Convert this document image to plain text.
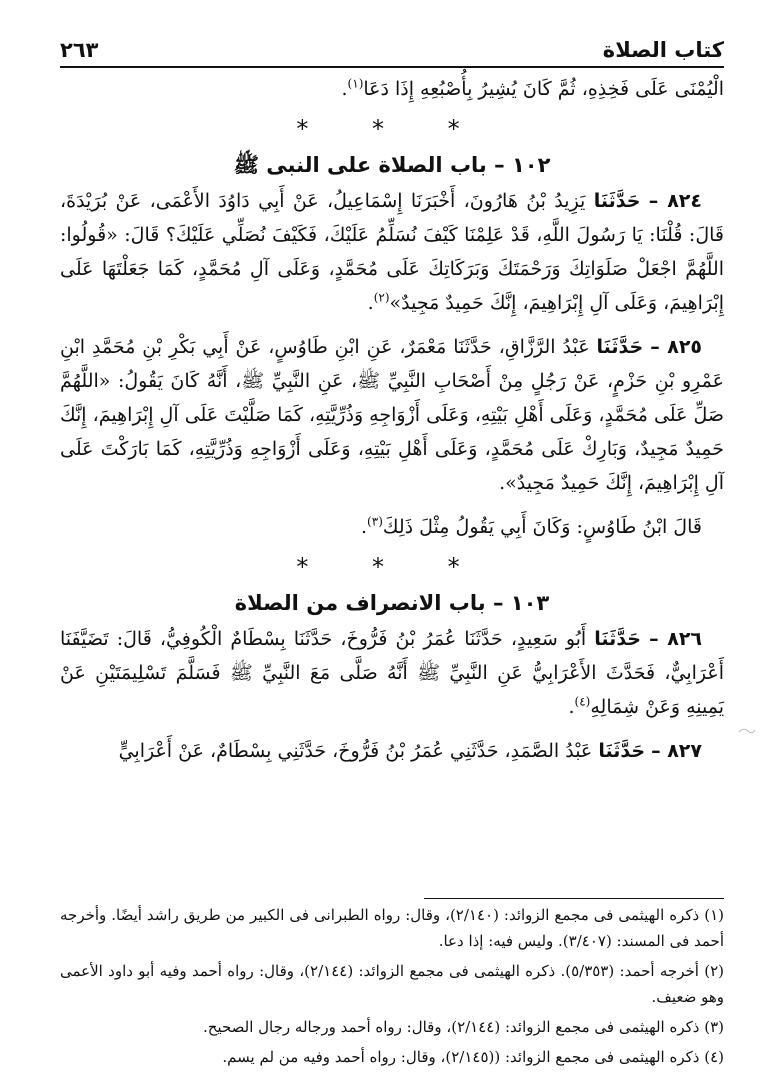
كتاب الصلاة
٢٦٣

الْيُمْنَى عَلَى فَخِذِهِ، ثُمَّ كَانَ يُشِيرُ بِأُصْبُعِهِ إِذَا دَعَا$^{(١)}$.

* * *
١٠٢ – باب الصلاة على النبى ﷺ

٨٢٤ – حَدَّثَنَا يَزِيدُ بْنُ هَارُونَ، أَخْبَرَنَا إِسْمَاعِيلُ، عَنْ أَبِي دَاوُدَ الأَعْمَى، عَنْ بُرَيْدَةَ، قَالَ: قُلْنَا: يَا رَسُولَ اللَّهِ، قَدْ عَلِمْنَا كَيْفَ نُسَلِّمُ عَلَيْكَ، فَكَيْفَ نُصَلِّي عَلَيْكَ؟ قَالَ: «قُولُوا: اللَّهُمَّ اجْعَلْ صَلَوَاتِكَ وَرَحْمَتَكَ وَبَرَكَاتِكَ عَلَى مُحَمَّدٍ، وَعَلَى آلِ مُحَمَّدٍ، كَمَا جَعَلْتَهَا عَلَى إِبْرَاهِيمَ، وَعَلَى آلِ إِبْرَاهِيمَ، إِنَّكَ حَمِيدٌ مَجِيدٌ»$^{(٢)}$.

٨٢٥ – حَدَّثَنَا عَبْدُ الرَّزَّاقِ، حَدَّثَنَا مَعْمَرٌ، عَنِ ابْنِ طَاوُسٍ، عَنْ أَبِي بَكْرِ بْنِ مُحَمَّدِ ابْنِ عَمْرِو بْنِ حَزْمٍ، عَنْ رَجُلٍ مِنْ أَصْحَابِ النَّبِيِّ ﷺ، عَنِ النَّبِيِّ ﷺ، أَنَّهُ كَانَ يَقُولُ: «اللَّهُمَّ صَلِّ عَلَى مُحَمَّدٍ، وَعَلَى أَهْلِ بَيْتِهِ، وَعَلَى أَزْوَاجِهِ وَذُرِّيَّتِهِ، كَمَا صَلَّيْتَ عَلَى آلِ إِبْرَاهِيمَ، إِنَّكَ حَمِيدٌ مَجِيدٌ، وَبَارِكْ عَلَى مُحَمَّدٍ، وَعَلَى أَهْلِ بَيْتِهِ، وَعَلَى أَزْوَاجِهِ وَذُرِّيَّتِهِ، كَمَا بَارَكْتَ عَلَى آلِ إِبْرَاهِيمَ، إِنَّكَ حَمِيدٌ مَجِيدٌ».

قَالَ ابْنُ طَاوُسٍ: وَكَانَ أَبِي يَقُولُ مِثْلَ ذَلِكَ$^{(٣)}$.

* * *
١٠٣ – باب الانصراف من الصلاة

٨٢٦ – حَدَّثَنَا أَبُو سَعِيدٍ، حَدَّثَنَا عُمَرُ بْنُ فَرُّوخَ، حَدَّثَنَا بِسْطَامٌ الْكُوفِيُّ، قَالَ: تَضَيَّفَنَا أَعْرَابِيٌّ، فَحَدَّثَ الأَعْرَابِيُّ عَنِ النَّبِيِّ ﷺ أَنَّهُ صَلَّى مَعَ النَّبِيِّ ﷺ فَسَلَّمَ تَسْلِيمَتَيْنِ عَنْ يَمِينِهِ وَعَنْ شِمَالِهِ$^{(٤)}$.

٨٢٧ – حَدَّثَنَا عَبْدُ الصَّمَدِ، حَدَّثَنِي عُمَرُ بْنُ فَرُّوخَ، حَدَّثَنِي بِسْطَامٌ، عَنْ أَعْرَابِيٍّ

(١) ذكره الهيثمى فى مجمع الزوائد: (٢/١٤٠)، وقال: رواه الطبرانى فى الكبير من طريق راشد أيضًا. وأخرجه أحمد فى المسند: (٣/٤٠٧). وليس فيه: إذا دعا.

(٢) أخرجه أحمد: (٥/٣٥٣). ذكره الهيثمى فى مجمع الزوائد: (٢/١٤٤)، وقال: رواه أحمد وفيه أبو داود الأعمى وهو ضعيف.

(٣) ذكره الهيثمى فى مجمع الزوائد: (٢/١٤٤)، وقال: رواه أحمد ورجاله رجال الصحيح.

(٤) ذكره الهيثمى فى مجمع الزوائد: ((٢/١٤٥)، وقال: رواه أحمد وفيه من لم يسم.
